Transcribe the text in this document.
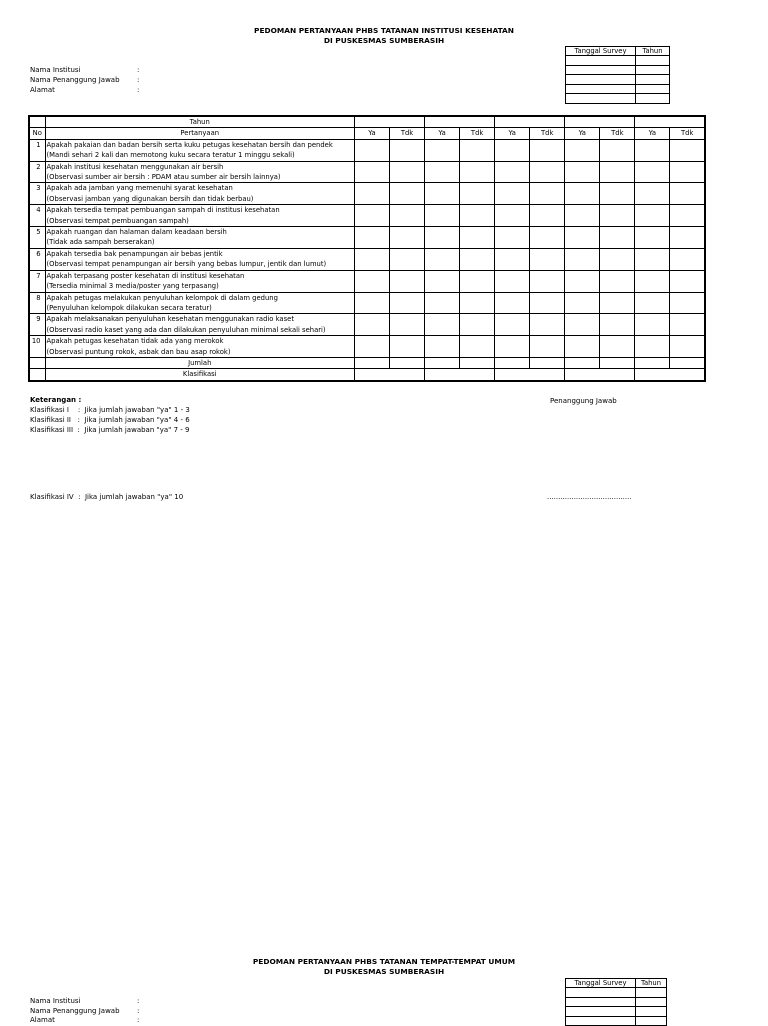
PEDOMAN PERTANYAAN PHBS TATANAN INSTITUSI KESEHATAN
DI PUSKESMAS SUMBERASIH
Tanggal Survey	Tahun

Nama Institusi	:
Nama Penanggung Jawab :
Alamat	:
	Tahun										
No	Pertanyaan	Ya	Tdk	Ya	Tdk	Ya	Tdk	Ya	Tdk	Ya	Tdk
1	Apakah pakaian dan badan bersih serta kuku petugas kesehatan bersih dan pendek										
	(Mandi sehari 2 kali dan memotong kuku secara teratur 1 minggu sekali)										
2	Apakah institusi kesehatan menggunakan air bersih										
	(Observasi sumber air bersih : PDAM atau sumber air bersih lainnya)										
3	Apakah ada jamban yang memenuhi syarat kesehatan										
	(Observasi jamban yang digunakan bersih dan tidak berbau)										
4	Apakah tersedia tempat pembuangan sampah di institusi kesehatan										
	(Observasi tempat pembuangan sampah)										
5	Apakah ruangan dan halaman dalam keadaan bersih										
	(Tidak ada sampah berserakan)										
6	Apakah tersedia bak penampungan air bebas jentik										
	(Observasi tempat penampungan air bersih yang bebas lumpur, jentik dan lumut)										
7	Apakah terpasang poster kesehatan di institusi kesehatan										
	(Tersedia minimal 3 media/poster yang terpasang)										
8	Apakah petugas melakukan penyuluhan kelompok di dalam gedung										
	(Penyuluhan kelompok dilakukan secara teratur)										
9	Apakah melaksanakan penyuluhan kesehatan menggunakan radio kaset										
	(Observasi radio kaset yang ada dan dilakukan penyuluhan minimal sekali sehari)										
10	Apakah petugas kesehatan tidak ada yang merokok										
	(Observasi puntung rokok, asbak dan bau asap rokok)										
	Jumlah										
	Klasifikasi										
Keterangan :
Klasifikasi I    :  Jika jumlah jawaban "ya" 1 - 3
Klasifikasi II   :  Jika jumlah jawaban "ya" 4 - 6
Klasifikasi III  :  Jika jumlah jawaban "ya" 7 - 9
Klasifikasi IV  :  Jika jumlah jawaban "ya" 10
Penanggung Jawab
......................................
PEDOMAN PERTANYAAN PHBS TATANAN TEMPAT-TEMPAT UMUM
DI PUSKESMAS SUMBERASIH
Tanggal Survey	Tahun

Nama Institusi	:
Nama Penanggung Jawab :
Alamat	:
